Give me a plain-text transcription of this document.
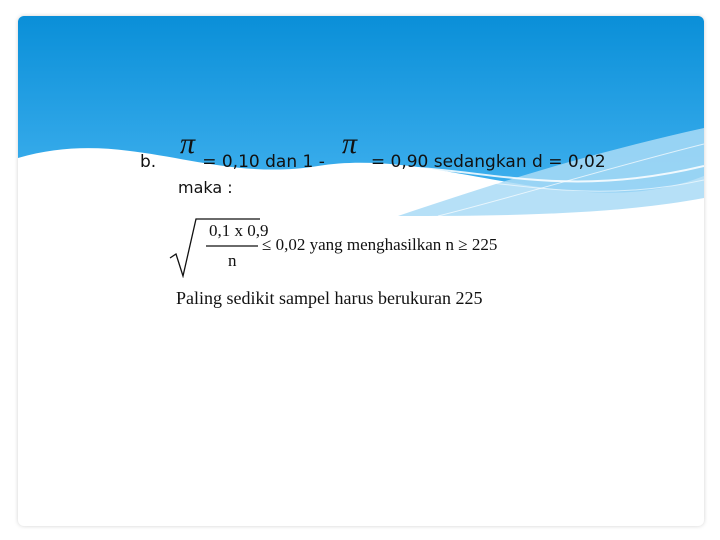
π	π
b.	= 0,10 dan 1 -	= 0,90 sedangkan d = 0,02
maka :
0,1 x 0,9
n
≤ 0,02 yang menghasilkan n ≥ 225
Paling sedikit sampel harus berukuran 225
